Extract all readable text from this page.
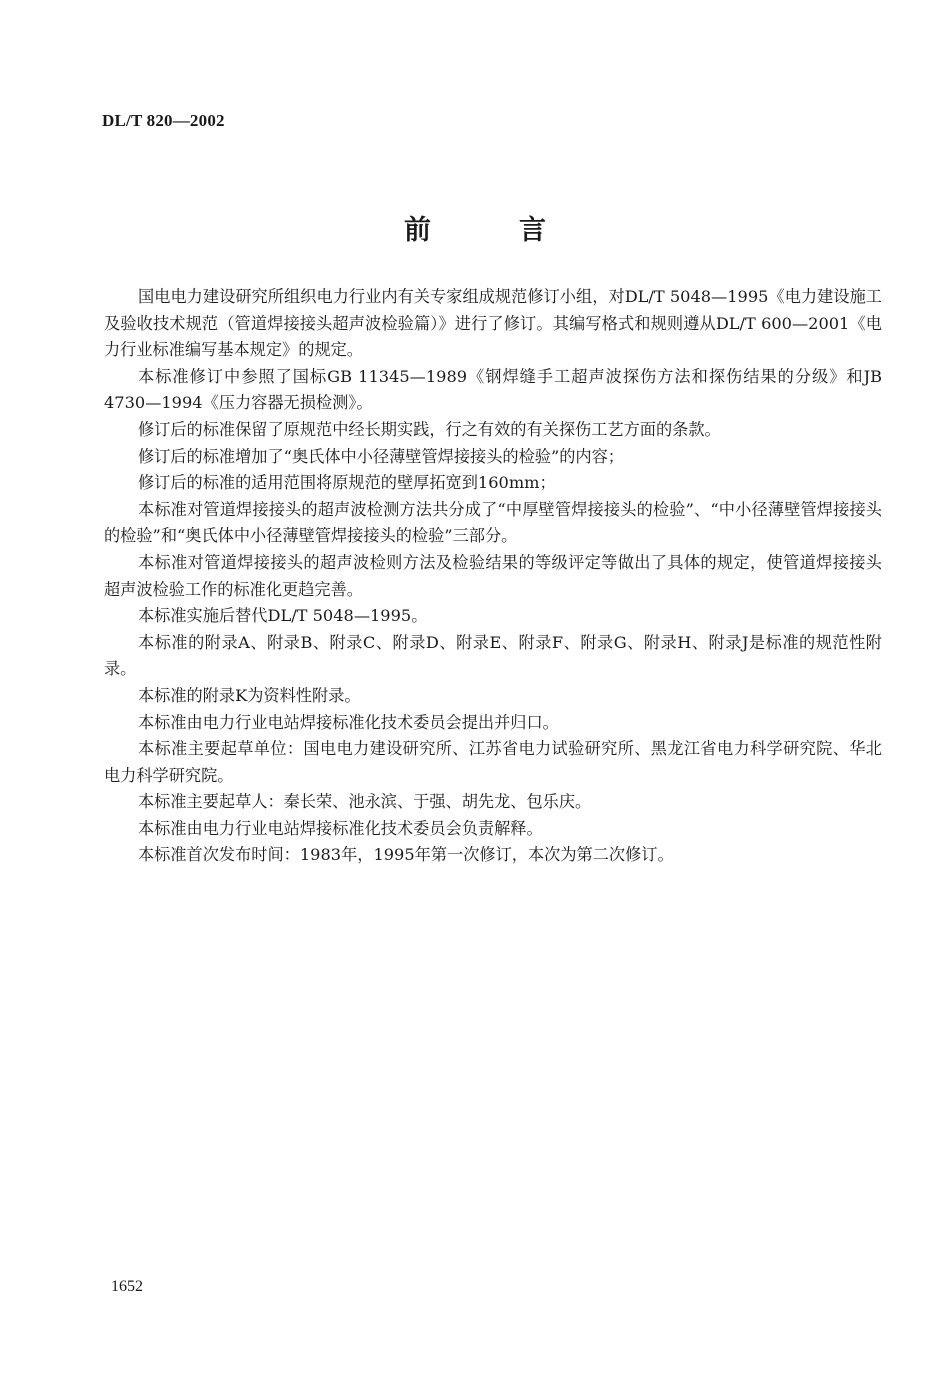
DL/T 820—2002
前	言

国电电力建设研究所组织电力行业内有关专家组成规范修订小组，对DL/T 5048—1995《电力建设施工及验收技术规范（管道焊接接头超声波检验篇）》进行了修订。其编写格式和规则遵从DL/T 600—2001《电力行业标准编写基本规定》的规定。

本标准修订中参照了国标GB 11345—1989《钢焊缝手工超声波探伤方法和探伤结果的分级》和JB 4730—1994《压力容器无损检测》。

修订后的标准保留了原规范中经长期实践，行之有效的有关探伤工艺方面的条款。

修订后的标准增加了“奥氏体中小径薄壁管焊接接头的检验”的内容；

修订后的标准的适用范围将原规范的壁厚拓宽到160mm；

本标准对管道焊接接头的超声波检测方法共分成了“中厚壁管焊接接头的检验”、“中小径薄壁管焊接接头的检验”和“奥氏体中小径薄壁管焊接接头的检验”三部分。

本标准对管道焊接接头的超声波检则方法及检验结果的等级评定等做出了具体的规定，使管道焊接接头超声波检验工作的标准化更趋完善。

本标准实施后替代DL/T 5048—1995。

本标准的附录A、附录B、附录C、附录D、附录E、附录F、附录G、附录H、附录J是标准的规范性附录。

本标准的附录K为资料性附录。

本标准由电力行业电站焊接标准化技术委员会提出并归口。

本标准主要起草单位：国电电力建设研究所、江苏省电力试验研究所、黑龙江省电力科学研究院、华北电力科学研究院。

本标准主要起草人：秦长荣、池永滨、于强、胡先龙、包乐庆。

本标准由电力行业电站焊接标准化技术委员会负责解释。

本标准首次发布时间：1983年，1995年第一次修订，本次为第二次修订。

1652
